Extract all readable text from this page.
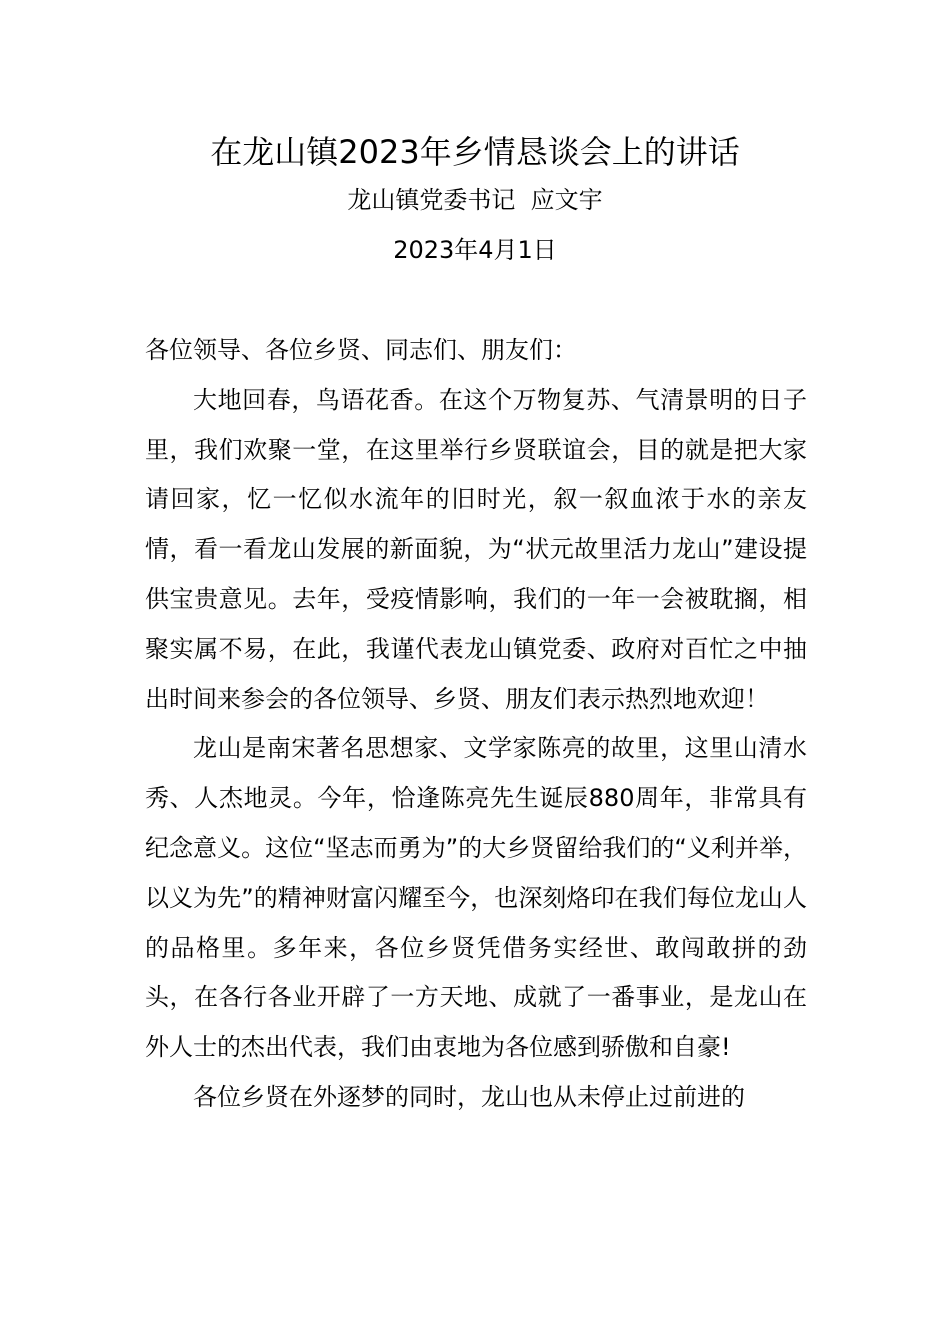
在龙山镇2023年乡情恳谈会上的讲话
龙山镇党委书记  应文宇
2023年4月1日

各位领导、各位乡贤、同志们、朋友们：

大地回春，鸟语花香。在这个万物复苏、气清景明的日子里，我们欢聚一堂，在这里举行乡贤联谊会，目的就是把大家请回家，忆一忆似水流年的旧时光，叙一叙血浓于水的亲友情，看一看龙山发展的新面貌，为“状元故里活力龙山”建设提供宝贵意见。去年，受疫情影响，我们的一年一会被耽搁，相聚实属不易，在此，我谨代表龙山镇党委、政府对百忙之中抽出时间来参会的各位领导、乡贤、朋友们表示热烈地欢迎！

龙山是南宋著名思想家、文学家陈亮的故里，这里山清水秀、人杰地灵。今年，恰逢陈亮先生诞辰880周年，非常具有纪念意义。这位“坚志而勇为”的大乡贤留给我们的“义利并举，以义为先”的精神财富闪耀至今，也深刻烙印在我们每位龙山人的品格里。多年来，各位乡贤凭借务实经世、敢闯敢拼的劲头，在各行各业开辟了一方天地、成就了一番事业，是龙山在外人士的杰出代表，我们由衷地为各位感到骄傲和自豪!

各位乡贤在外逐梦的同时，龙山也从未停止过前进的
